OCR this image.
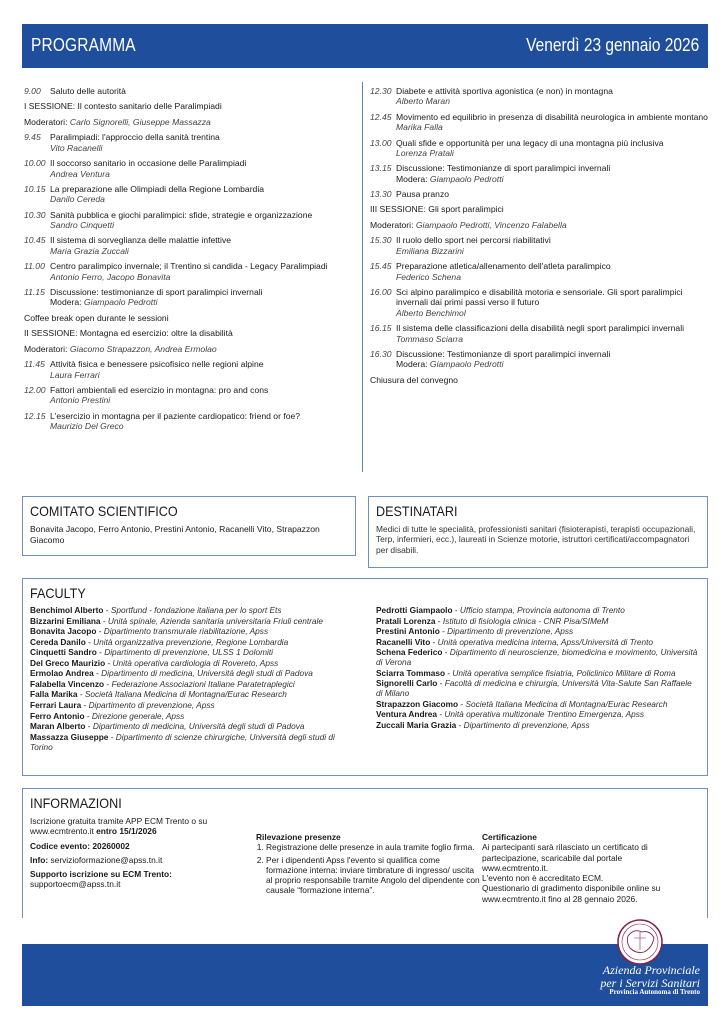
PROGRAMMA	Venerdì 23 gennaio 2026
9.00	Saluto delle autorità
I SESSIONE: Il contesto sanitario delle Paralimpiadi
Moderatori: Carlo Signorelli, Giuseppe Massazza
9.45	Paralimpiadi: l'approccio della sanità trentina
Vito Racanelli
10.00 Il soccorso sanitario in occasione delle Paralimpiadi
Andrea Ventura
10.15 La preparazione alle Olimpiadi della Regione Lombardia
Danilo Cereda
10.30 Sanità pubblica e giochi paralimpici: sfide, strategie e organizzazione
Sandro Cinquetti
10.45 Il sistema di sorveglianza delle malattie infettive
Maria Grazia Zuccali
11.00 Centro paralimpico invernale; il Trentino si candida - Legacy Paralimpiadi
Antonio Ferro, Jacopo Bonavita
11.15 Discussione: testimonianze di sport paralimpici invernali
Modera: Giampaolo Pedrotti
Coffee break open durante le sessioni
II SESSIONE: Montagna ed esercizio: oltre la disabilità
Moderatori: Giacomo Strapazzon, Andrea Ermolao
11.45 Attività fisica e benessere psicofisico nelle regioni alpine
Laura Ferrari
12.00 Fattori ambientali ed esercizio in montagna: pro and cons
Antonio Prestini
12.15 L'esercizio in montagna per il paziente cardiopatico: friend or foe?
Maurizio Del Greco
12.30 Diabete e attività sportiva agonistica (e non) in montagna
Alberto Maran
12.45 Movimento ed equilibrio in presenza di disabilità neurologica in ambiente montano
Marika Falla
13.00 Quali sfide e opportunità per una legacy di una montagna più inclusiva
Lorenza Pratali
13.15 Discussione: Testimonianze di sport paralimpici invernali
Modera: Giampaolo Pedrotti
13.30 Pausa pranzo
III SESSIONE: Gli sport paralimpici
Moderatori: Giampaolo Pedrotti, Vincenzo Falabella
15.30 Il ruolo dello sport nei percorsi riabilitativi
Emiliana Bizzarini
15.45 Preparazione atletica/allenamento dell'atleta paralimpico
Federico Schena
16.00 Sci alpino paralimpico e disabilità motoria e sensoriale. Gli sport paralimpici invernali dai primi passi verso il futuro
Alberto Benchimol
16.15 Il sistema delle classificazioni della disabilità negli sport paralimpici invernali
Tommaso Sciarra
16.30 Discussione: Testimonianze di sport paralimpici invernali
Modera: Giampaolo Pedrotti
Chiusura del convegno
COMITATO SCIENTIFICO

Bonavita Jacopo, Ferro Antonio, Prestini Antonio, Racanelli Vito, Strapazzon Giacomo

DESTINATARI

Medici di tutte le specialità, professionisti sanitari (fisioterapisti, terapisti occupazionali, Terp, infermieri, ecc.), laureati in Scienze motorie, istruttori certificati/accompagnatori per disabili.

FACULTY
Benchimol Alberto - Sportfund - fondazione italiana per lo sport Ets
Bizzarini Emiliana - Unità spinale, Azienda sanitaria universitaria Friuli centrale
Bonavita Jacopo - Dipartimento transmurale riabilitazione, Apss
Cereda Danilo - Unità organizzativa prevenzione, Regione Lombardia
Cinquetti Sandro - Dipartimento di prevenzione, ULSS 1 Dolomiti
Del Greco Maurizio - Unità operativa cardiologia di Rovereto, Apss
Ermolao Andrea - Dipartimento di medicina, Università degli studi di Padova
Falabella Vincenzo - Federazione Associazioni Italiane Paratetraplegici
Falla Marika - Società Italiana Medicina di Montagna/Eurac Research
Ferrari Laura - Dipartimento di prevenzione, Apss
Ferro Antonio - Direzione generale, Apss
Maran Alberto - Dipartimento di medicina, Università degli studi di Padova
Massazza Giuseppe - Dipartimento di scienze chirurgiche, Università degli studi di Torino
Pedrotti Giampaolo - Ufficio stampa, Provincia autonoma di Trento
Pratali Lorenza - Istituto di fisiologia clinica - CNR Pisa/SIMeM
Prestini Antonio - Dipartimento di prevenzione, Apss
Racanelli Vito - Unità operativa medicina interna, Apss/Università di Trento
Schena Federico - Dipartimento di neuroscienze, biomedicina e movimento, Università di Verona
Sciarra Tommaso - Unità operativa semplice fisiatria, Policlinico Militare di Roma
Signorelli Carlo - Facoltà di medicina e chirurgia, Università Vita-Salute San Raffaele di Milano
Strapazzon Giacomo - Società Italiana Medicina di Montagna/Eurac Research
Ventura Andrea - Unità operativa multizonale Trentino Emergenza, Apss
Zuccali Maria Grazia - Dipartimento di prevenzione, Apss
INFORMAZIONI

Iscrizione gratuita tramite APP ECM Trento o su www.ecmtrento.it entro 15/1/2026

Codice evento: 20260002

Info: servizioformazione@apss.tn.it

Supporto iscrizione su ECM Trento:
supportoecm@apss.tn.it

Rilevazione presenze
1. Registrazione delle presenze in aula tramite foglio firma.
2. Per i dipendenti Apss l'evento si qualifica come formazione interna: inviare timbrature di ingresso/ uscita al proprio responsabile tramite Angolo del dipendente con causale “formazione interna”.
Certificazione

Ai partecipanti sarà rilasciato un certificato di partecipazione, scaricabile dal portale www.ecmtrento.it.

L'evento non è accreditato ECM.

Questionario di gradimento disponibile online su www.ecmtrento.it fino al 28 gennaio 2026.

Azienda Provinciale
per i Servizi Sanitari
Provincia Autonoma di Trento
